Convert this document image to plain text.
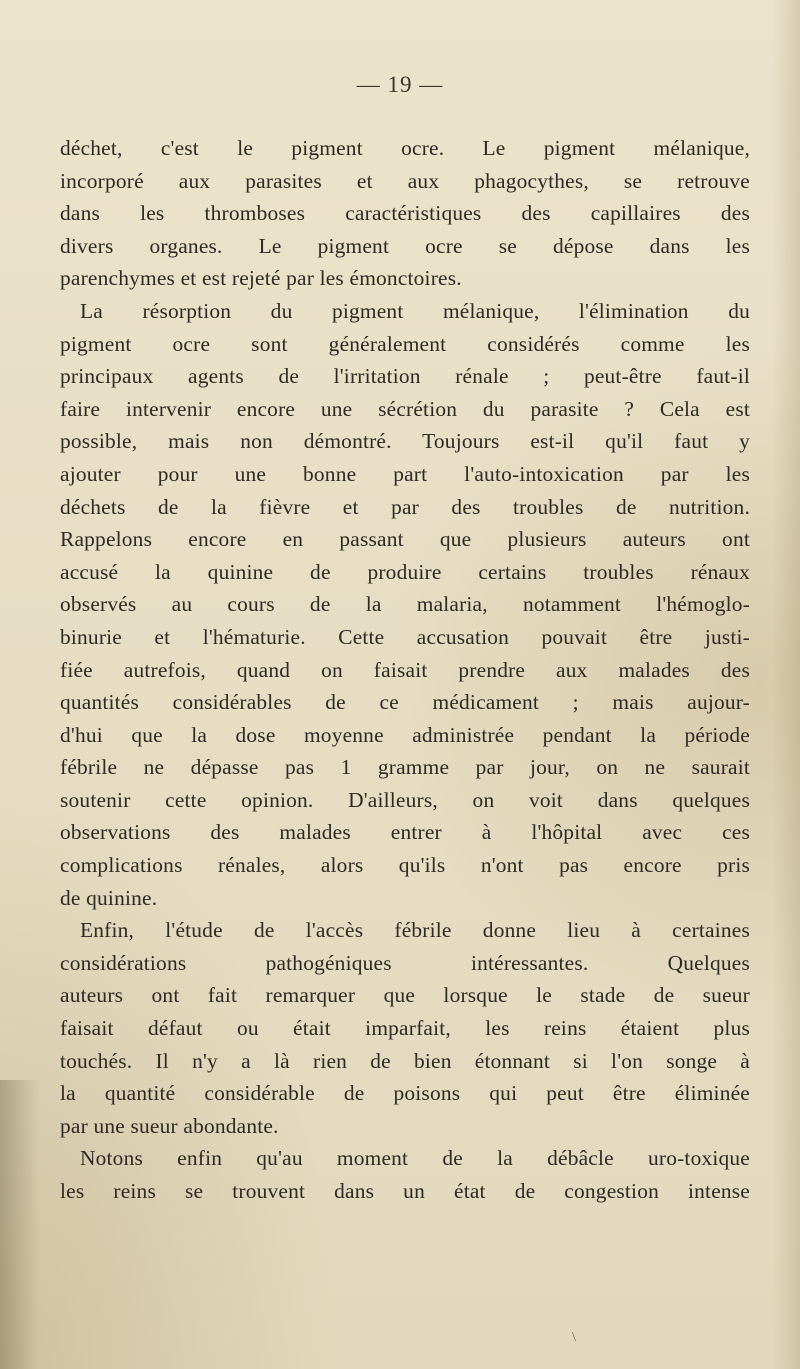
— 19 —
déchet, c'est le pigment ocre. Le pigment mélanique,
incorporé aux parasites et aux phagocythes, se retrouve
dans les thromboses caractéristiques des capillaires des
divers organes. Le pigment ocre se dépose dans les
parenchymes et est rejeté par les émonctoires.
La résorption du pigment mélanique, l'élimination du
pigment ocre sont généralement considérés comme les
principaux agents de l'irritation rénale ; peut-être faut-il
faire intervenir encore une sécrétion du parasite ? Cela est
possible, mais non démontré. Toujours est-il qu'il faut y
ajouter pour une bonne part l'auto-intoxication par les
déchets de la fièvre et par des troubles de nutrition.
Rappelons encore en passant que plusieurs auteurs ont
accusé la quinine de produire certains troubles rénaux
observés au cours de la malaria, notamment l'hémoglo-
binurie et l'hématurie. Cette accusation pouvait être justi-
fiée autrefois, quand on faisait prendre aux malades des
quantités considérables de ce médicament ; mais aujour-
d'hui que la dose moyenne administrée pendant la période
fébrile ne dépasse pas 1 gramme par jour, on ne saurait
soutenir cette opinion. D'ailleurs, on voit dans quelques
observations des malades entrer à l'hôpital avec ces
complications rénales, alors qu'ils n'ont pas encore pris
de quinine.
Enfin, l'étude de l'accès fébrile donne lieu à certaines
considérations pathogéniques intéressantes. Quelques
auteurs ont fait remarquer que lorsque le stade de sueur
faisait défaut ou était imparfait, les reins étaient plus
touchés. Il n'y a là rien de bien étonnant si l'on songe à
la quantité considérable de poisons qui peut être éliminée
par une sueur abondante.
Notons enfin qu'au moment de la débâcle uro-toxique
les reins se trouvent dans un état de congestion intense
\
